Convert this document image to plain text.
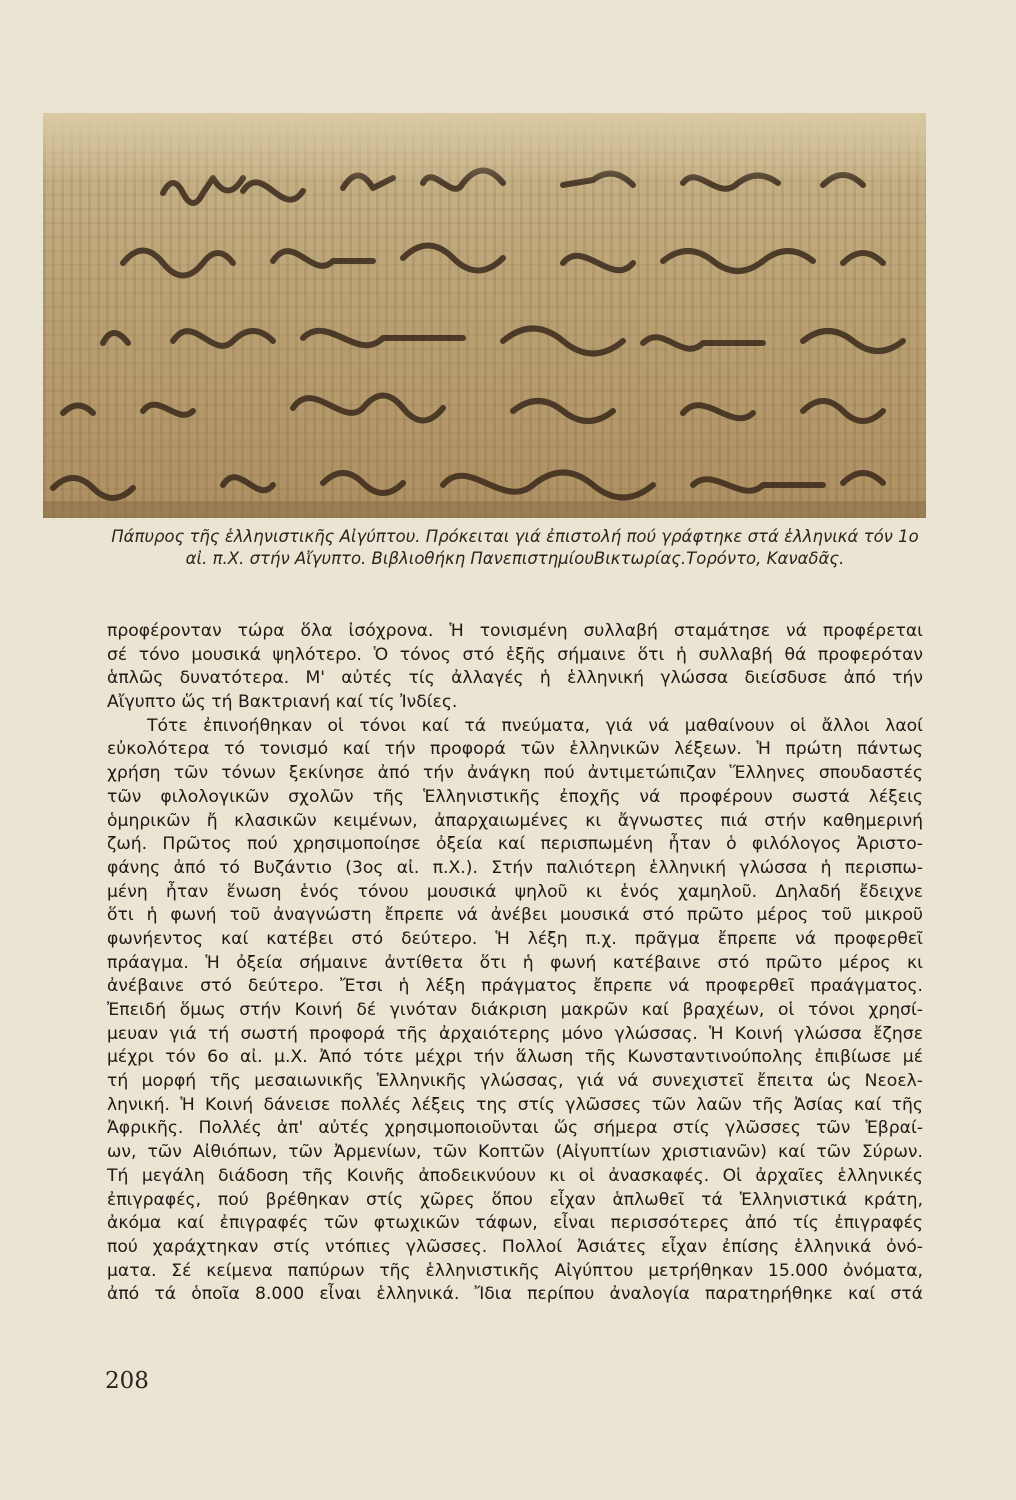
Πάπυρος τῆς ἑλληνιστικῆς Αἰγύπτου. Πρόκειται γιά ἐπιστολή πού γράφτηκε στά ἑλληνικά τόν 1ο
αἰ. π.Χ. στήν Αἴγυπτο. Βιβλιοθήκη ΠανεπιστημίουΒικτωρίας.Τορόντο, Καναδᾶς.
προφέρονταν τώρα ὅλα ἰσόχρονα. Ἡ τονισμένη συλλαβή σταμάτησε νά προφέρεται
σέ τόνο μουσικά ψηλότερο. Ὁ τόνος στό ἑξῆς σήμαινε ὅτι ἡ συλλαβή θά προφερόταν
ἁπλῶς δυνατότερα. Μ' αὐτές τίς ἀλλαγές ἡ ἑλληνική γλώσσα διείσδυσε ἀπό τήν
Αἴγυπτο ὥς τή Βακτριανή καί τίς Ἰνδίες.
Τότε ἐπινοήθηκαν οἱ τόνοι καί τά πνεύματα, γιά νά μαθαίνουν οἱ ἄλλοι λαοί
εὐκολότερα τό τονισμό καί τήν προφορά τῶν ἑλληνικῶν λέξεων. Ἡ πρώτη πάντως
χρήση τῶν τόνων ξεκίνησε ἀπό τήν ἀνάγκη πού ἀντιμετώπιζαν Ἕλληνες σπουδαστές
τῶν φιλολογικῶν σχολῶν τῆς Ἑλληνιστικῆς ἐποχῆς νά προφέρουν σωστά λέξεις
ὁμηρικῶν ἤ κλασικῶν κειμένων, ἀπαρχαιωμένες κι ἄγνωστες πιά στήν καθημερινή
ζωή. Πρῶτος πού χρησιμοποίησε ὀξεία καί περισπωμένη ἦταν ὁ φιλόλογος Ἀριστο-
φάνης ἀπό τό Βυζάντιο (3ος αἰ. π.Χ.). Στήν παλιότερη ἑλληνική γλώσσα ἡ περισπω-
μένη ἦταν ἕνωση ἑνός τόνου μουσικά ψηλοῦ κι ἑνός χαμηλοῦ. Δηλαδή ἔδειχνε
ὅτι ἡ φωνή τοῦ ἀναγνώστη ἔπρεπε νά ἀνέβει μουσικά στό πρῶτο μέρος τοῦ μικροῦ
φωνήεντος καί κατέβει στό δεύτερο. Ἡ λέξη π.χ. πρᾶγμα ἔπρεπε νά προφερθεῖ
πράαγμα. Ἡ ὀξεία σήμαινε ἀντίθετα ὅτι ἡ φωνή κατέβαινε στό πρῶτο μέρος κι
ἀνέβαινε στό δεύτερο. Ἔτσι ἡ λέξη πράγματος ἔπρεπε νά προφερθεῖ πραάγματος.
Ἐπειδή ὅμως στήν Κοινή δέ γινόταν διάκριση μακρῶν καί βραχέων, οἱ τόνοι χρησί-
μευαν γιά τή σωστή προφορά τῆς ἀρχαιότερης μόνο γλώσσας. Ἡ Κοινή γλώσσα ἔζησε
μέχρι τόν 6ο αἰ. μ.Χ. Ἀπό τότε μέχρι τήν ἅλωση τῆς Κωνσταντινούπολης ἐπιβίωσε μέ
τή μορφή τῆς μεσαιωνικῆς Ἑλληνικῆς γλώσσας, γιά νά συνεχιστεῖ ἔπειτα ὡς Νεοελ-
ληνική. Ἡ Κοινή δάνεισε πολλές λέξεις της στίς γλῶσσες τῶν λαῶν τῆς Ἀσίας καί τῆς
Ἀφρικῆς. Πολλές ἀπ' αὐτές χρησιμοποιοῦνται ὥς σήμερα στίς γλῶσσες τῶν Ἑβραί-
ων, τῶν Αἰθιόπων, τῶν Ἀρμενίων, τῶν Κοπτῶν (Αἰγυπτίων χριστιανῶν) καί τῶν Σύρων.
Τή μεγάλη διάδοση τῆς Κοινῆς ἀποδεικνύουν κι οἱ ἀνασκαφές. Οἱ ἀρχαῖες ἑλληνικές
ἐπιγραφές, πού βρέθηκαν στίς χῶρες ὅπου εἶχαν ἁπλωθεῖ τά Ἑλληνιστικά κράτη,
ἀκόμα καί ἐπιγραφές τῶν φτωχικῶν τάφων, εἶναι περισσότερες ἀπό τίς ἐπιγραφές
πού χαράχτηκαν στίς ντόπιες γλῶσσες. Πολλοί Ἀσιάτες εἶχαν ἐπίσης ἑλληνικά ὀνό-
ματα. Σέ κείμενα παπύρων τῆς ἑλληνιστικῆς Αἰγύπτου μετρήθηκαν 15.000 ὀνόματα,
ἀπό τά ὁποῖα 8.000 εἶναι ἑλληνικά. Ἴδια περίπου ἀναλογία παρατηρήθηκε καί στά
208
